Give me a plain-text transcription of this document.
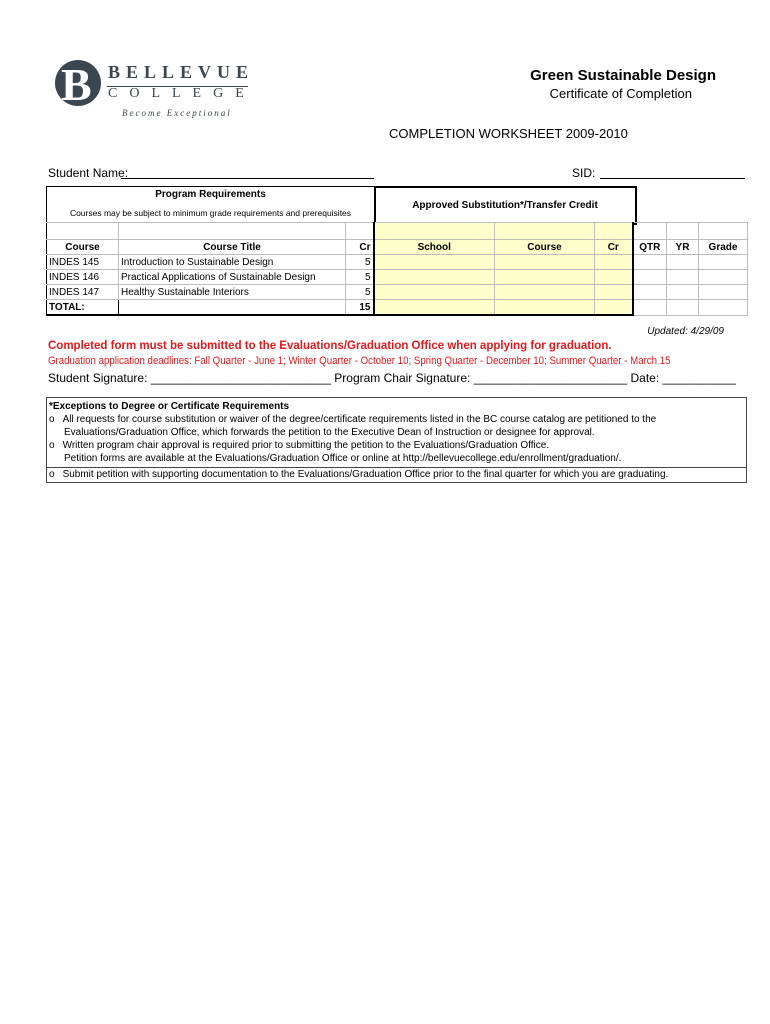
B BELLEVUE
COLLEGE
Become Exceptional
Green Sustainable Design
Certificate of Completion
COMPLETION WORKSHEET 2009-2010
Student Name:	SID:
Program Requirements
Courses may be subject to minimum grade requirements and prerequisites
Approved Substitution*/Transfer Credit

Course	Course Title	Cr	School	Course	Cr	QTR	YR	Grade
INDES 145	Introduction to Sustainable Design	5						
INDES 146	Practical Applications of Sustainable Design	5						
INDES 147	Healthy Sustainable Interiors	5						
TOTAL:		15						
Updated: 4/29/09
Completed form must be submitted to the Evaluations/Graduation Office when applying for graduation.
Graduation application deadlines: Fall Quarter - June 1; Winter Quarter - October 10; Spring Quarter - December 10; Summer Quarter - March 15
Student Signature: ___________________________ Program Chair Signature: _______________________ Date: ___________
*Exceptions to Degree or Certificate Requirements
o All requests for course substitution or waiver of the degree/certificate requirements listed in the BC course catalog are petitioned to the
Evaluations/Graduation Office, which forwards the petition to the Executive Dean of Instruction or designee for approval.
o Written program chair approval is required prior to submitting the petition to the Evaluations/Graduation Office.
Petition forms are available at the Evaluations/Graduation Office or online at http://bellevuecollege.edu/enrollment/graduation/.
o Submit petition with supporting documentation to the Evaluations/Graduation Office prior to the final quarter for which you are graduating.
